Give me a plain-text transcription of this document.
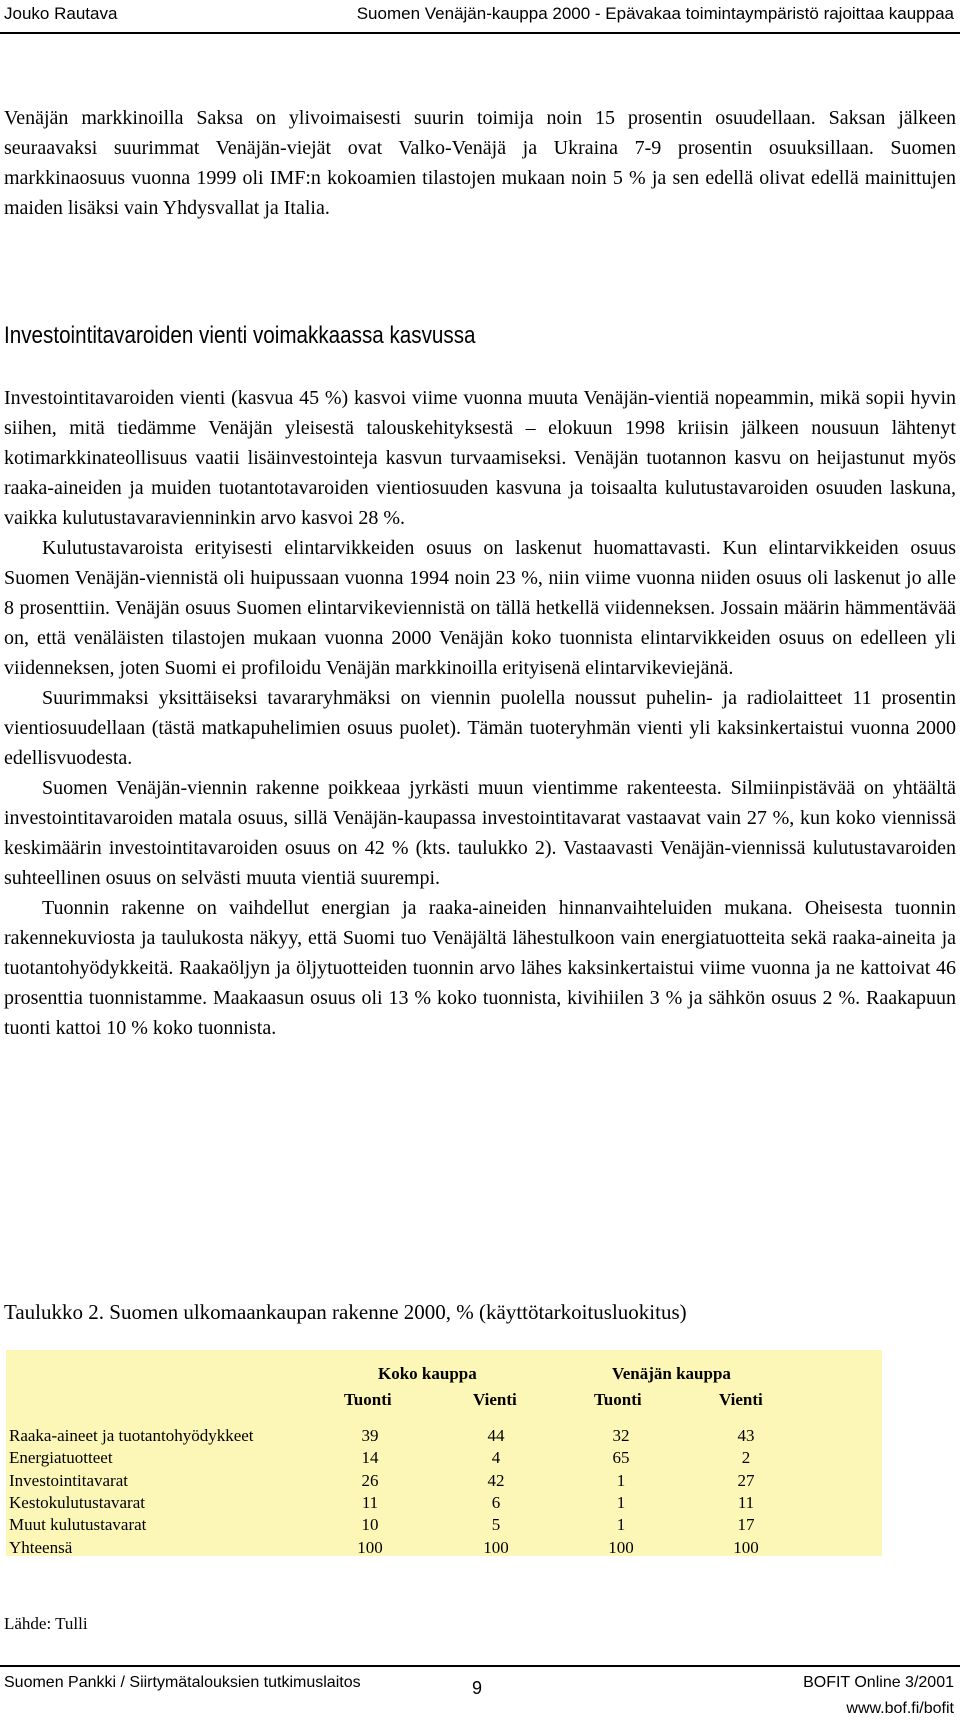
Jouko Rautava	Suomen Venäjän-kauppa 2000 - Epävakaa toimintaympäristö rajoittaa kauppaa

Venäjän markkinoilla Saksa on ylivoimaisesti suurin toimija noin 15 prosentin osuudellaan. Saksan jälkeen seuraavaksi suurimmat Venäjän-viejät ovat Valko-Venäjä ja Ukraina 7-9 prosentin osuuksillaan. Suomen markkinaosuus vuonna 1999 oli IMF:n kokoamien tilastojen mukaan noin 5 % ja sen edellä olivat edellä mainittujen maiden lisäksi vain Yhdysvallat ja Italia.

Investointitavaroiden vienti voimakkaassa kasvussa

Investointitavaroiden vienti (kasvua 45 %) kasvoi viime vuonna muuta Venäjän-vientiä nopeammin, mikä sopii hyvin siihen, mitä tiedämme Venäjän yleisestä talouskehityksestä – elokuun 1998 kriisin jälkeen nousuun lähtenyt kotimarkkinateollisuus vaatii lisäinvestointeja kasvun turvaamiseksi. Venäjän tuotannon kasvu on heijastunut myös raaka-aineiden ja muiden tuotantotavaroiden vientiosuuden kasvuna ja toisaalta kulutustavaroiden osuuden laskuna, vaikka kulutustavaravienninkin arvo kasvoi 28 %.

Kulutustavaroista erityisesti elintarvikkeiden osuus on laskenut huomattavasti. Kun elintarvikkeiden osuus Suomen Venäjän-viennistä oli huipussaan vuonna 1994 noin 23 %, niin viime vuonna niiden osuus oli laskenut jo alle 8 prosenttiin. Venäjän osuus Suomen elintarvikeviennistä on tällä hetkellä viidenneksen. Jossain määrin hämmentävää on, että venäläisten tilastojen mukaan vuonna 2000 Venäjän koko tuonnista elintarvikkeiden osuus on edelleen yli viidenneksen, joten Suomi ei profiloidu Venäjän markkinoilla erityisenä elintarvikeviejänä.

Suurimmaksi yksittäiseksi tavararyhmäksi on viennin puolella noussut puhelin- ja radiolaitteet 11 prosentin vientiosuudellaan (tästä matkapuhelimien osuus puolet). Tämän tuoteryhmän vienti yli kaksinkertaistui vuonna 2000 edellisvuodesta.

Suomen Venäjän-viennin rakenne poikkeaa jyrkästi muun vientimme rakenteesta. Silmiinpistävää on yhtäältä investointitavaroiden matala osuus, sillä Venäjän-kaupassa investointitavarat vastaavat vain 27 %, kun koko viennissä keskimäärin investointitavaroiden osuus on 42 % (kts. taulukko 2). Vastaavasti Venäjän-viennissä kulutustavaroiden suhteellinen osuus on selvästi muuta vientiä suurempi.

Tuonnin rakenne on vaihdellut energian ja raaka-aineiden hinnanvaihteluiden mukana. Oheisesta tuonnin rakennekuviosta ja taulukosta näkyy, että Suomi tuo Venäjältä lähestulkoon vain energiatuotteita sekä raaka-aineita ja tuotantohyödykkeitä. Raakaöljyn ja öljytuotteiden tuonnin arvo lähes kaksinkertaistui viime vuonna ja ne kattoivat 46 prosenttia tuonnistamme. Maakaasun osuus oli 13 % koko tuonnista, kivihiilen 3 % ja sähkön osuus 2 %. Raakapuun tuonti kattoi 10 % koko tuonnista.

Taulukko 2. Suomen ulkomaankaupan rakenne 2000, % (käyttötarkoitusluokitus)
Koko kauppa	Venäjän kauppa
Tuonti	Vienti	Tuonti	Vienti
Raaka-aineet ja tuotantohyödykkeet	39	44	32	43
Energiatuotteet	14	4	65	2
Investointitavarat	26	42	1	27
Kestokulutustavarat	11	6	1	11
Muut kulutustavarat	10	5	1	17
Yhteensä	100	100	100	100
Lähde: Tulli
Suomen Pankki / Siirtymätalouksien tutkimuslaitos	9	BOFIT Online 3/2001
www.bof.fi/bofit
